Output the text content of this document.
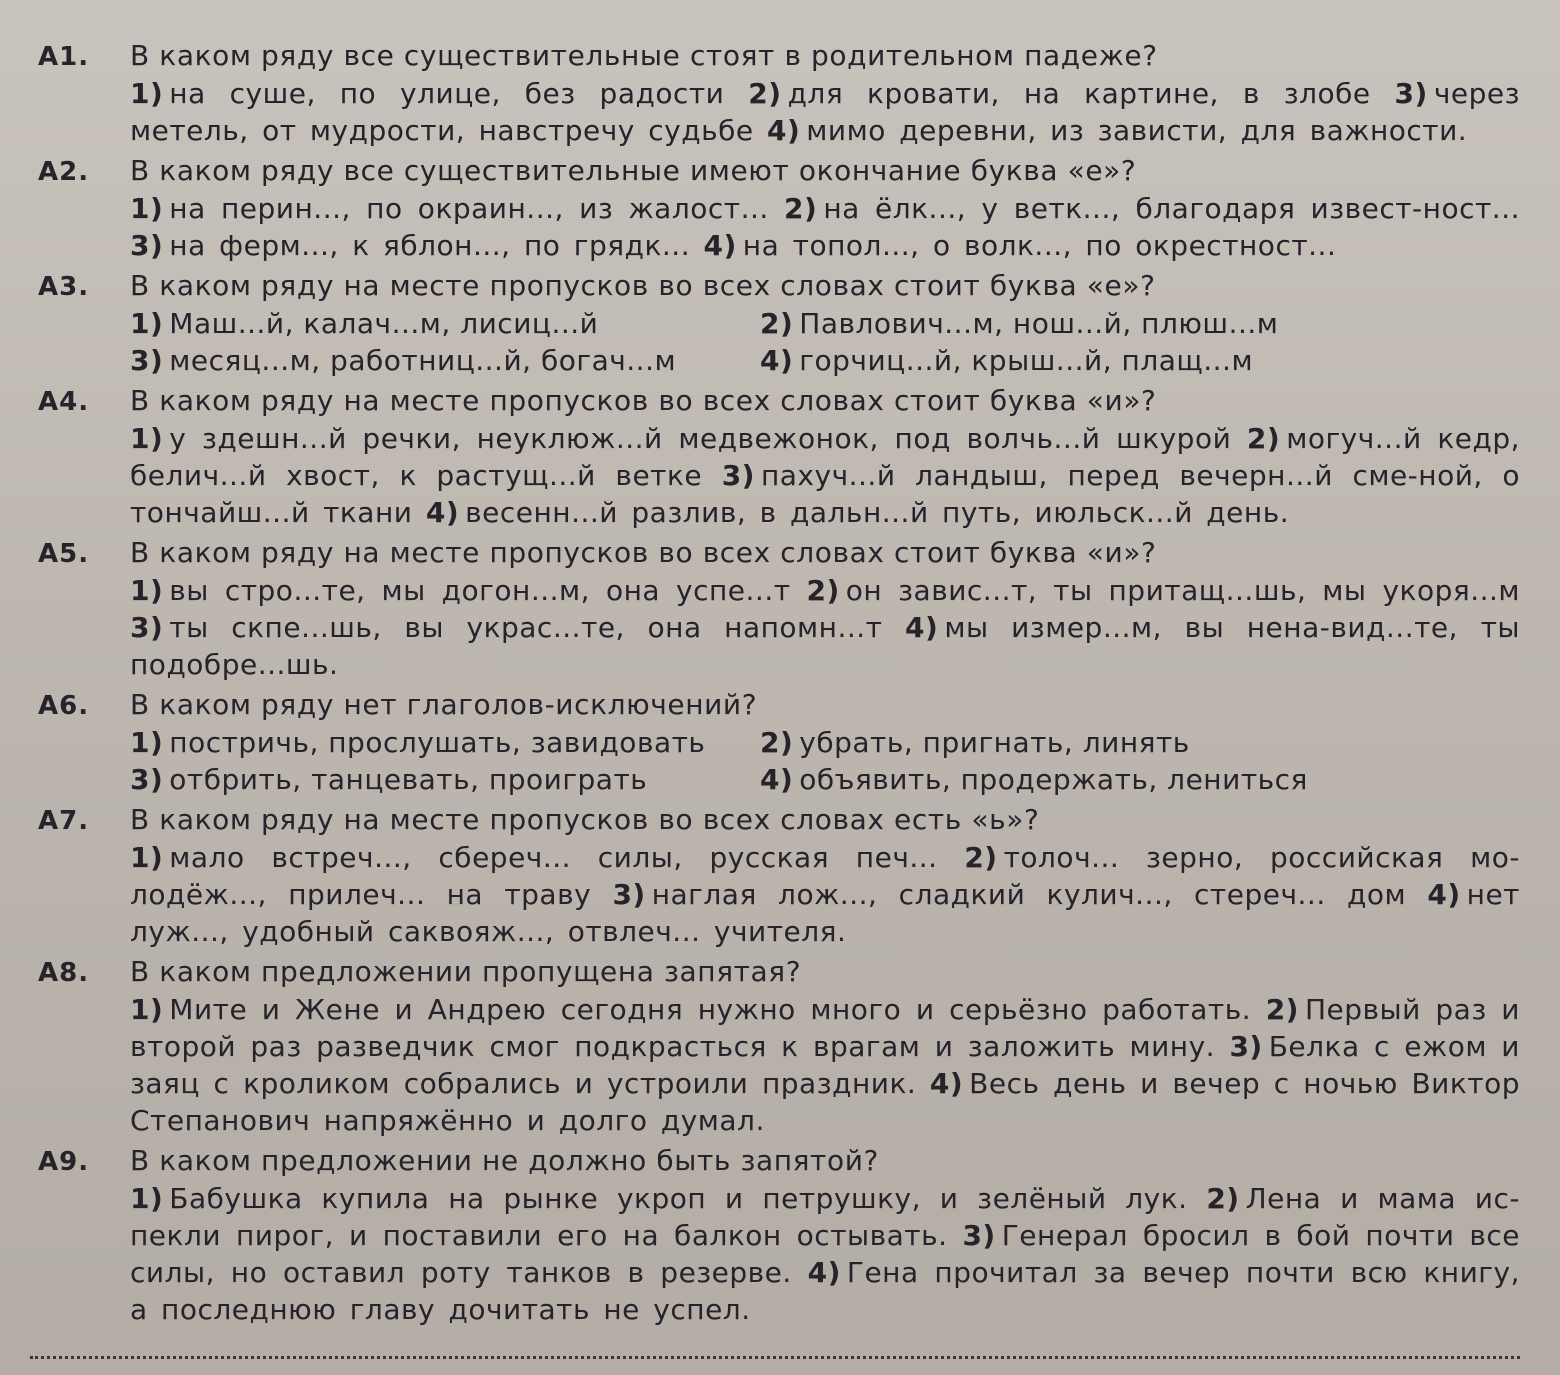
A1.	В каком ряду все существительные стоят в родительном падеже?
1) на суше, по улице, без радости 2) для кровати, на картине, в злобе 3) через метель, от мудрости, навстречу судьбе 4) мимо деревни, из зависти, для важности.
A2.	В каком ряду все существительные имеют окончание буква «е»?
1) на перин..., по окраин..., из жалост... 2) на ёлк..., у ветк..., благодаря извест-ност... 3) на ферм..., к яблон..., по грядк... 4) на топол..., о волк..., по окрестност...
A3.	В каком ряду на месте пропусков во всех словах стоит буква «е»?
1) Маш...й, калач...м, лисиц...й	2) Павлович...м, нош...й, плюш...м
3) месяц...м, работниц...й, богач...м	4) горчиц...й, крыш...й, плащ...м
A4.	В каком ряду на месте пропусков во всех словах стоит буква «и»?
1) у здешн...й речки, неуклюж...й медвежонок, под волчь...й шкурой 2) могуч...й кедр, белич...й хвост, к растущ...й ветке 3) пахуч...й ландыш, перед вечерн...й сме-ной, о тончайш...й ткани 4) весенн...й разлив, в дальн...й путь, июльск...й день.
A5.	В каком ряду на месте пропусков во всех словах стоит буква «и»?
1) вы стро...те, мы догон...м, она успе...т 2) он завис...т, ты притащ...шь, мы укоря...м 3) ты скпе...шь, вы украс...те, она напомн...т 4) мы измер...м, вы нена-вид...те, ты подобре...шь.
A6.	В каком ряду нет глаголов-исключений?
1) постричь, прослушать, завидовать	2) убрать, пригнать, линять
3) отбрить, танцевать, проиграть	4) объявить, продержать, лениться
A7.	В каком ряду на месте пропусков во всех словах есть «ь»?
1) мало встреч..., сбереч... силы, русская печ... 2) толоч... зерно, российская мо-лодёж..., прилеч... на траву 3) наглая лож..., сладкий кулич..., стереч... дом 4) нет луж..., удобный саквояж..., отвлеч... учителя.
A8.	В каком предложении пропущена запятая?
1) Мите и Жене и Андрею сегодня нужно много и серьёзно работать. 2) Первый раз и второй раз разведчик смог подкрасться к врагам и заложить мину. 3) Белка с ежом и заяц с кроликом собрались и устроили праздник. 4) Весь день и вечер с ночью Виктор Степанович напряжённо и долго думал.
A9.	В каком предложении не должно быть запятой?
1) Бабушка купила на рынке укроп и петрушку, и зелёный лук. 2) Лена и мама ис-пекли пирог, и поставили его на балкон остывать. 3) Генерал бросил в бой почти все силы, но оставил роту танков в резерве. 4) Гена прочитал за вечер почти всю книгу, а последнюю главу дочитать не успел.
